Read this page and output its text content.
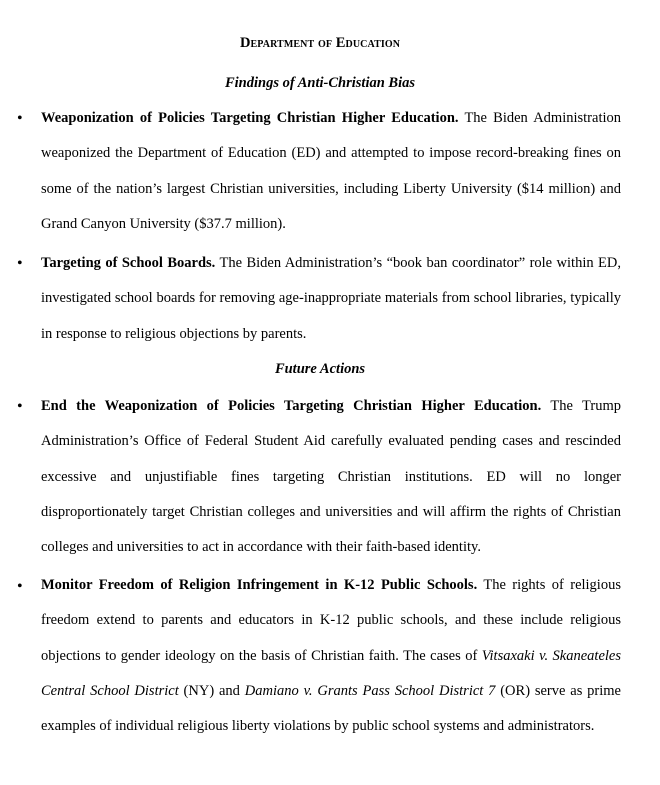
Department of Education
Findings of Anti-Christian Bias
• Weaponization of Policies Targeting Christian Higher Education. The Biden Administration weaponized the Department of Education (ED) and attempted to impose record-breaking fines on some of the nation’s largest Christian universities, including Liberty University ($14 million) and Grand Canyon University ($37.7 million).
• Targeting of School Boards. The Biden Administration’s “book ban coordinator” role within ED, investigated school boards for removing age-inappropriate materials from school libraries, typically in response to religious objections by parents.
Future Actions
• End the Weaponization of Policies Targeting Christian Higher Education. The Trump Administration’s Office of Federal Student Aid carefully evaluated pending cases and rescinded excessive and unjustifiable fines targeting Christian institutions. ED will no longer disproportionately target Christian colleges and universities and will affirm the rights of Christian colleges and universities to act in accordance with their faith-based identity.
• Monitor Freedom of Religion Infringement in K-12 Public Schools. The rights of religious freedom extend to parents and educators in K-12 public schools, and these include religious objections to gender ideology on the basis of Christian faith. The cases of Vitsaxaki v. Skaneateles Central School District (NY) and Damiano v. Grants Pass School District 7 (OR) serve as prime examples of individual religious liberty violations by public school systems and administrators.
